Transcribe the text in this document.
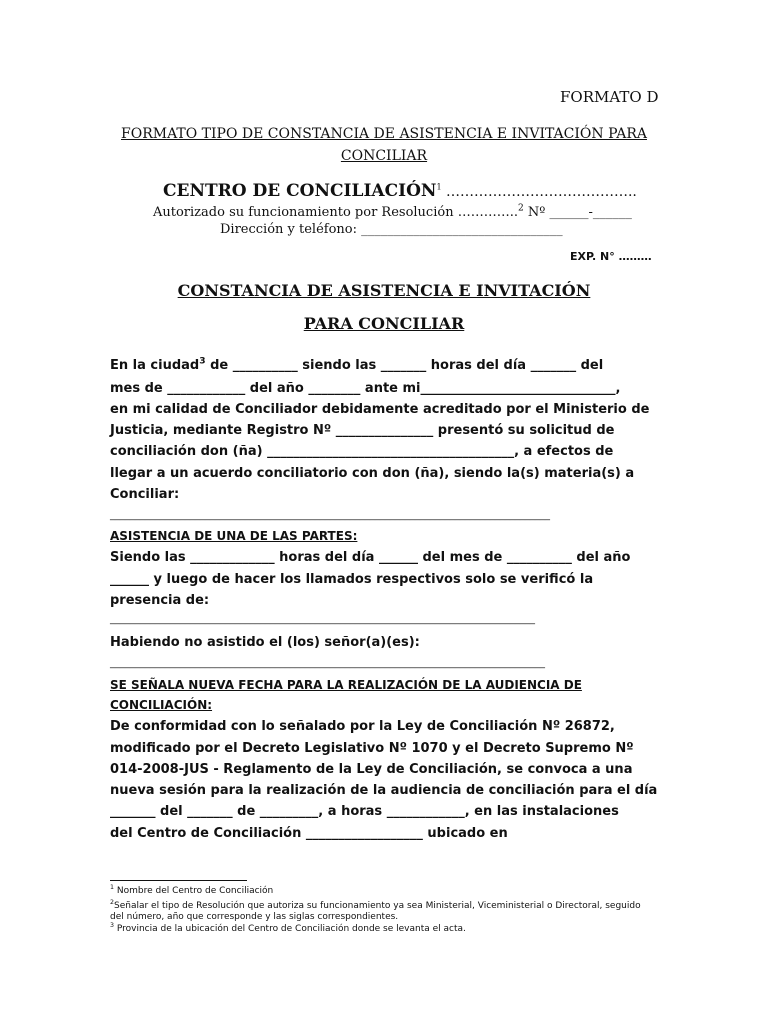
FORMATO D
FORMATO TIPO DE CONSTANCIA DE ASISTENCIA E INVITACIÓN PARA
CONCILIAR
CENTRO DE CONCILIACIÓN$^1$ …………………………………..
Autorizado su funcionamiento por Resolución …………..$^2$ Nº ______-______
Dirección y teléfono: _______________________________
EXP. N° ………
CONSTANCIA DE ASISTENCIA E INVITACIÓN
PARA CONCILIAR
En la ciudad$^3$ de __________ siendo las _______ horas del día _______ del
mes de ____________ del año ________ ante mi______________________________,
en mi calidad de Conciliador debidamente acreditado por el Ministerio de
Justicia, mediante Registro Nº _______________ presentó su solicitud de
conciliación don (ña) ______________________________________, a efectos de
llegar a un acuerdo conciliatorio con don (ña), siendo la(s) materia(s) a
Conciliar:
________________________________________________________________________________________
ASISTENCIA DE UNA DE LAS PARTES:
Siendo las _____________ horas del día ______ del mes de __________ del año
______ y luego de hacer los llamados respectivos solo se verificó la
presencia de:
_____________________________________________________________________________________
Habiendo no asistido el (los) señor(a)(es):
_______________________________________________________________________________________
SE SEÑALA NUEVA FECHA PARA LA REALIZACIÓN DE LA AUDIENCIA DE
CONCILIACIÓN:
De conformidad con lo señalado por la Ley de Conciliación Nº 26872,
modificado por el Decreto Legislativo Nº 1070 y el Decreto Supremo Nº
014-2008-JUS - Reglamento de la Ley de Conciliación, se convoca a una
nueva sesión para la realización de la audiencia de conciliación para el día
_______ del _______ de _________, a horas ____________, en las instalaciones
del Centro de Conciliación __________________ ubicado en
$^1$ Nombre del Centro de Conciliación
$^2$Señalar el tipo de Resolución que autoriza su funcionamiento ya sea Ministerial, Viceministerial o Directoral, seguido
del número, año que corresponde y las siglas correspondientes.
$^3$ Provincia de la ubicación del Centro de Conciliación donde se levanta el acta.
